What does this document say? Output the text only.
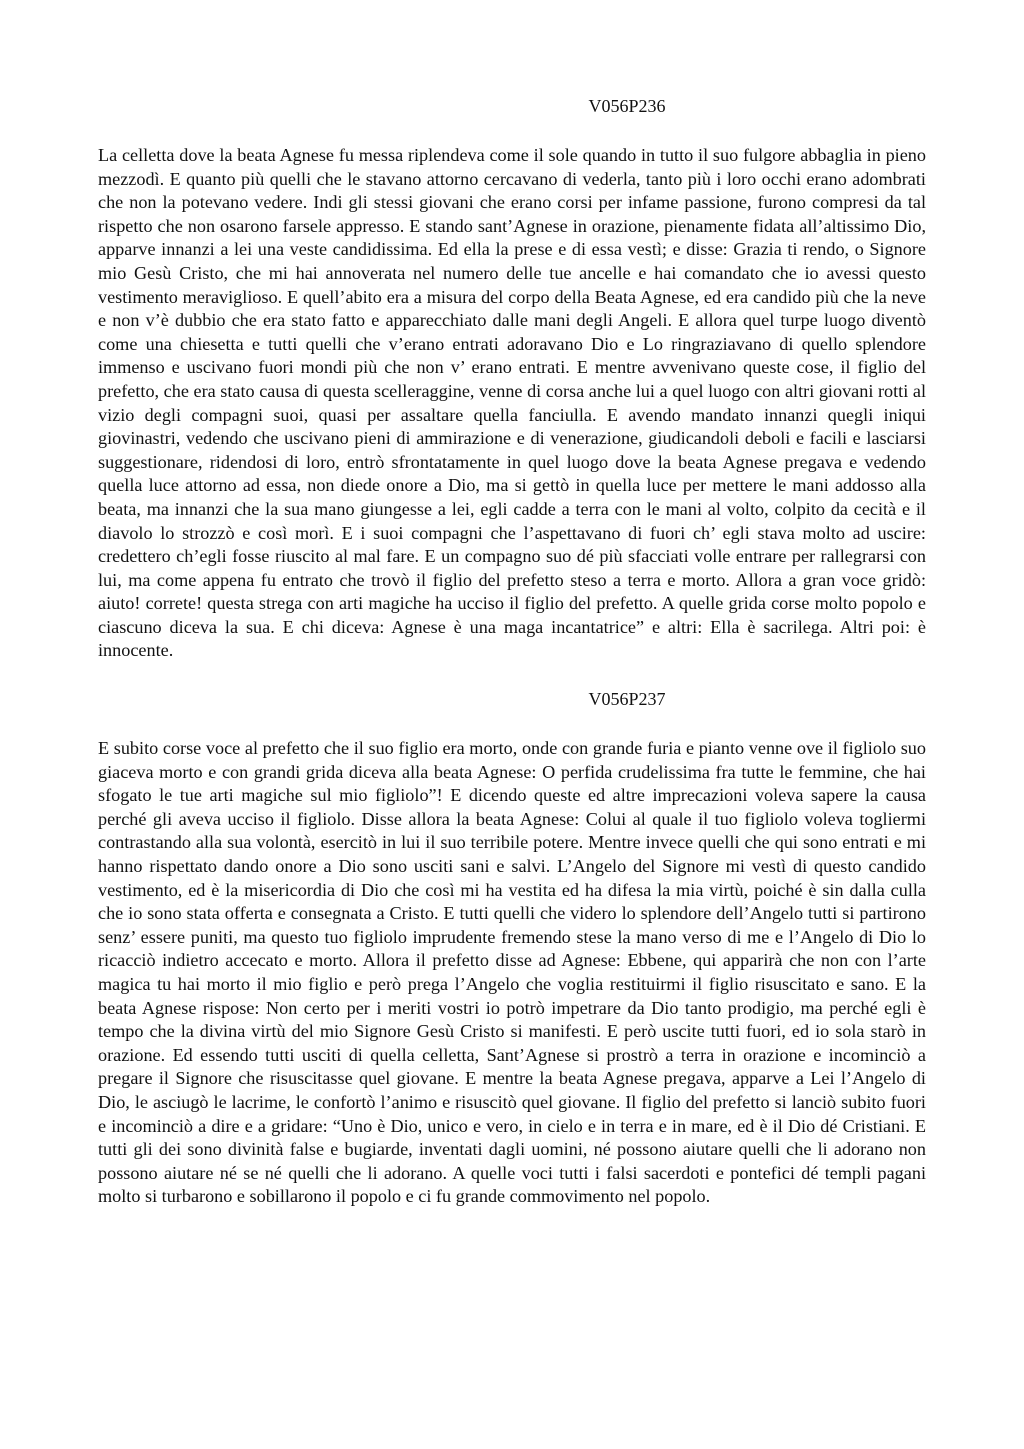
V056P236

La celletta dove la beata Agnese fu messa riplendeva come il sole quando in tutto il suo fulgore abbaglia in pieno mezzodì. E quanto più quelli che le stavano attorno cercavano di vederla, tanto più i loro occhi erano adombrati che non la potevano vedere. Indi gli stessi giovani che erano corsi per infame passione, furono compresi da tal rispetto che non osarono farsele appresso. E stando sant’Agnese in orazione, pienamente fidata all’altissimo Dio, apparve innanzi a lei una veste candidissima. Ed ella la prese e di essa vestì; e disse: Grazia ti rendo, o Signore mio Gesù Cristo, che mi hai annoverata nel numero delle tue ancelle e hai comandato che io avessi questo vestimento meraviglioso. E quell’abito era a misura del corpo della Beata Agnese, ed era candido più che la neve e non v’è dubbio che era stato fatto e apparecchiato dalle mani degli Angeli. E allora quel turpe luogo diventò come una chiesetta e tutti quelli che v’erano entrati adoravano Dio e Lo ringraziavano di quello splendore immenso e uscivano fuori mondi più che non v’ erano entrati. E mentre avvenivano queste cose, il figlio del prefetto, che era stato causa di questa scelleraggine, venne di corsa anche lui a quel luogo con altri giovani rotti al vizio degli compagni suoi, quasi per assaltare quella fanciulla. E avendo mandato innanzi quegli iniqui giovinastri, vedendo che uscivano pieni di ammirazione e di venerazione, giudicandoli deboli e facili e lasciarsi suggestionare, ridendosi di loro, entrò sfrontatamente in quel luogo dove la beata Agnese pregava e vedendo quella luce attorno ad essa, non diede onore a Dio, ma si gettò in quella luce per mettere le mani addosso alla beata, ma innanzi che la sua mano giungesse a lei, egli cadde a terra con le mani al volto, colpito da cecità e il diavolo lo strozzò e così morì. E i suoi compagni che l’aspettavano di fuori ch’ egli stava molto ad uscire: credettero ch’egli fosse riuscito al mal fare. E un compagno suo dé più sfacciati volle entrare per rallegrarsi con lui, ma come appena fu entrato che trovò il figlio del prefetto steso a terra e morto. Allora a gran voce gridò: aiuto! correte! questa strega con arti magiche ha ucciso il figlio del prefetto. A quelle grida corse molto popolo e ciascuno diceva la sua. E chi diceva: Agnese è una maga incantatrice” e altri: Ella è sacrilega. Altri poi: è innocente.

V056P237

E subito corse voce al prefetto che il suo figlio era morto, onde con grande furia e pianto venne ove il figliolo suo giaceva morto e con grandi grida diceva alla beata Agnese: O perfida crudelissima fra tutte le femmine, che hai sfogato le tue arti magiche sul mio figliolo”! E dicendo queste ed altre imprecazioni voleva sapere la causa perché gli aveva ucciso il figliolo. Disse allora la beata Agnese: Colui al quale il tuo figliolo voleva togliermi contrastando alla sua volontà, esercitò in lui il suo terribile potere. Mentre invece quelli che qui sono entrati e mi hanno rispettato dando onore a Dio sono usciti sani e salvi. L’Angelo del Signore mi vestì di questo candido vestimento, ed è la misericordia di Dio che così mi ha vestita ed ha difesa la mia virtù, poiché è sin dalla culla che io sono stata offerta e consegnata a Cristo. E tutti quelli che videro lo splendore dell’Angelo tutti si partirono senz’ essere puniti, ma questo tuo figliolo imprudente fremendo stese la mano verso di me e l’Angelo di Dio lo ricacciò indietro accecato e morto. Allora il prefetto disse ad Agnese: Ebbene, qui apparirà che non con l’arte magica tu hai morto il mio figlio e però prega l’Angelo che voglia restituirmi il figlio risuscitato e sano. E la beata Agnese rispose: Non certo per i meriti vostri io potrò impetrare da Dio tanto prodigio, ma perché egli è tempo che la divina virtù del mio Signore Gesù Cristo si manifesti. E però uscite tutti fuori, ed io sola starò in orazione. Ed essendo tutti usciti di quella celletta, Sant’Agnese si prostrò a terra in orazione e incominciò a pregare il Signore che risuscitasse quel giovane. E mentre la beata Agnese pregava, apparve a Lei l’Angelo di Dio, le asciugò le lacrime, le confortò l’animo e risuscitò quel giovane. Il figlio del prefetto si lanciò subito fuori e incominciò a dire e a gridare: “Uno è Dio, unico e vero, in cielo e in terra e in mare, ed è il Dio dé Cristiani. E tutti gli dei sono divinità false e bugiarde, inventati dagli uomini, né possono aiutare quelli che li adorano non possono aiutare né se né quelli che li adorano. A quelle voci tutti i falsi sacerdoti e pontefici dé templi pagani molto si turbarono e sobillarono il popolo e ci fu grande commovimento nel popolo.
